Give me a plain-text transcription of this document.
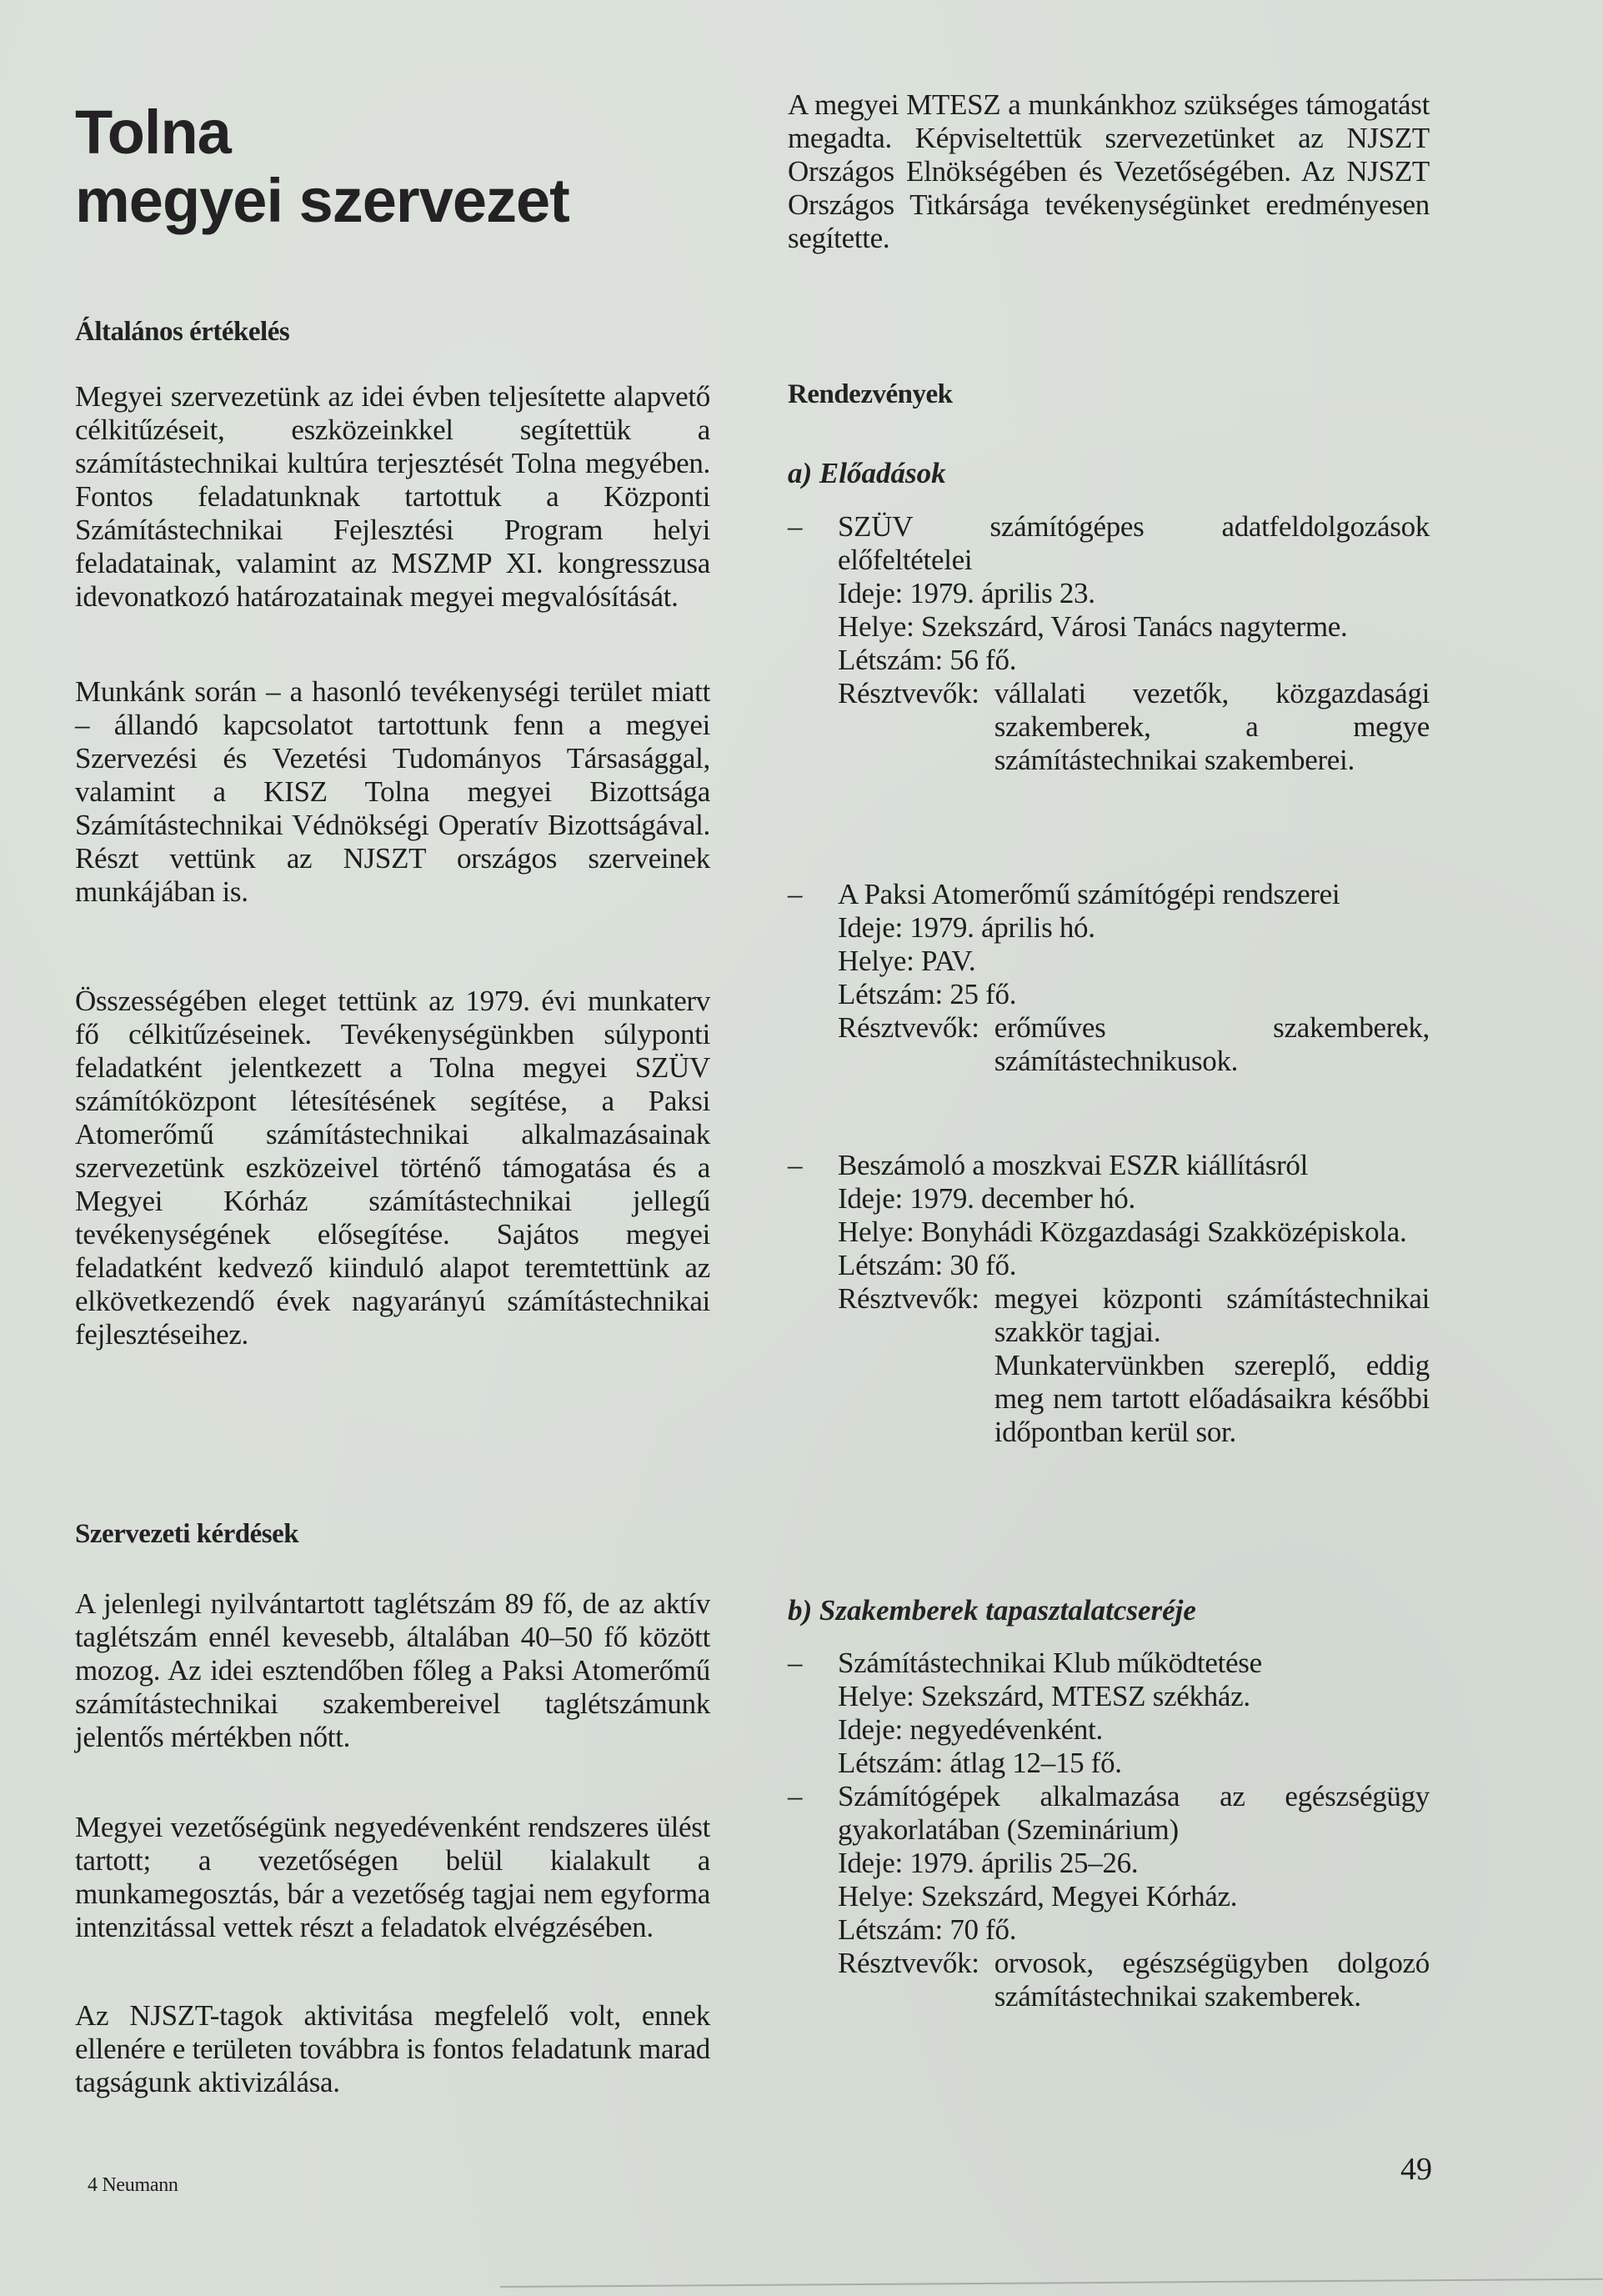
Tolna
megyei szervezet
Általános értékelés

Megyei szervezetünk az idei évben teljesítette alapvető célkitűzéseit, eszközeinkkel segítettük a számítástechnikai kultúra terjesztését Tolna megyében. Fontos feladatunknak tartottuk a Központi Számítástechnikai Fejlesztési Program helyi feladatainak, valamint az MSZMP XI. kongresszusa idevonatkozó határozatainak megyei megvalósítását.

Munkánk során – a hasonló tevékenységi terület miatt – állandó kapcsolatot tartottunk fenn a megyei Szervezési és Vezetési Tudományos Társasággal, valamint a KISZ Tolna megyei Bizottsága Számítástechnikai Védnökségi Operatív Bizottságával. Részt vettünk az NJSZT országos szerveinek munkájában is.

Összességében eleget tettünk az 1979. évi munkaterv fő célkitűzéseinek. Tevékenységünkben súlyponti feladatként jelentkezett a Tolna megyei SZÜV számítóközpont létesítésének segítése, a Paksi Atomerőmű számítástechnikai alkalmazásainak szervezetünk eszközeivel történő támogatása és a Megyei Kórház számítástechnikai jellegű tevékenységének elősegítése. Sajátos megyei feladatként kedvező kiinduló alapot teremtettünk az elkövetkezendő évek nagyarányú számítástechnikai fejlesztéseihez.

Szervezeti kérdések

A jelenlegi nyilvántartott taglétszám 89 fő, de az aktív taglétszám ennél kevesebb, általában 40–50 fő között mozog. Az idei esztendőben főleg a Paksi Atomerőmű számítástechnikai szakembereivel taglétszámunk jelentős mértékben nőtt.

Megyei vezetőségünk negyedévenként rendszeres ülést tartott; a vezetőségen belül kialakult a munkamegosztás, bár a vezetőség tagjai nem egyforma intenzitással vettek részt a feladatok elvégzésében.

Az NJSZT-tagok aktivitása megfelelő volt, ennek ellenére e területen továbbra is fontos feladatunk marad tagságunk aktivizálása.

A megyei MTESZ a munkánkhoz szükséges támogatást megadta. Képviseltettük szervezetünket az NJSZT Országos Elnökségében és Vezetőségében. Az NJSZT Országos Titkársága tevékenységünket eredményesen segítette.

Rendezvények
a) Előadások
– SZÜV számítógépes adatfeldolgozások előfeltételei
Ideje: 1979. április 23.
Helye: Szekszárd, Városi Tanács nagyterme.
Létszám: 56 fő.
Résztvevők: vállalati vezetők, közgazdasági szakemberek, a megye számítástechnikai szakemberei.
– A Paksi Atomerőmű számítógépi rendszerei
Ideje: 1979. április hó.
Helye: PAV.
Létszám: 25 fő.
Résztvevők: erőműves szakemberek, számítástechnikusok.
– Beszámoló a moszkvai ESZR kiállításról
Ideje: 1979. december hó.
Helye: Bonyhádi Közgazdasági Szakközépiskola.
Létszám: 30 fő.
Résztvevők: megyei központi számítástechnikai szakkör tagjai.
Munkatervünkben szereplő, eddig meg nem tartott előadásaikra későbbi időpontban kerül sor.
b) Szakemberek tapasztalatcseréje
– Számítástechnikai Klub működtetése
Helye: Szekszárd, MTESZ székház.
Ideje: negyedévenként.
Létszám: átlag 12–15 fő.
– Számítógépek alkalmazása az egészségügy gyakorlatában (Szeminárium)
Ideje: 1979. április 25–26.
Helye: Szekszárd, Megyei Kórház.
Létszám: 70 fő.
Résztvevők: orvosok, egészségügyben dolgozó számítástechnikai szakemberek.
4 Neumann	49
